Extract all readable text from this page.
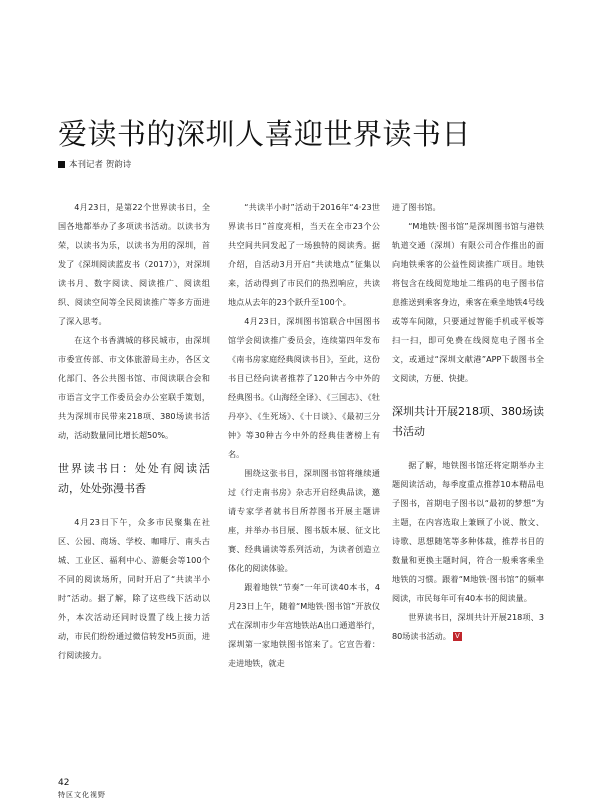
爱读书的深圳人喜迎世界读书日
本刊记者 贺韵诗

4月23日，是第22个世界读书日，全国各地都举办了多项读书活动。以读书为荣，以读书为乐，以读书为用的深圳，首发了《深圳阅读蓝皮书（2017）》，对深圳读书月、数字阅读、阅读推广、阅读组织、阅读空间等全民阅读推广等多方面进了深入思考。

在这个书香满城的移民城市，由深圳市委宣传部、市文体旅游局主办，各区文化部门、各公共图书馆、市阅读联合会和市语言文字工作委员会办公室联手策划，共为深圳市民带来218项、380场读书活动，活动数量同比增长超50%。

世界读书日：处处有阅读活动，处处弥漫书香

4月23日下午，众多市民聚集在社区、公园、商场、学校、咖啡厅、南头古城、工业区、福利中心、游艇会等100个不同的阅读场所，同时开启了“共读半小时”活动。据了解，除了这些线下活动以外，本次活动还同时设置了线上接力活动，市民们纷纷通过微信转发H5页面，进行阅读接力。

“共读半小时”活动于2016年“4·23世界读书日”首度亮相，当天在全市23个公共空间共同发起了一场独特的阅读秀。据介绍，自活动3月开启“共读地点”征集以来，活动得到了市民们的热烈响应，共读地点从去年的23个跃升至100个。

4月23日，深圳图书馆联合中国图书馆学会阅读推广委员会，连续第四年发布《南书房家庭经典阅读书目》，至此，这份书目已经向读者推荐了120种古今中外的经典图书。《山海经全译》、《三国志》、《牡丹亭》、《生死场》、《十日谈》、《最初三分钟》等30种古今中外的经典佳著榜上有名。

围绕这张书目，深圳图书馆将继续通过《行走南书房》杂志开启经典品读，邀请专家学者就书目所荐图书开展主题讲座，并举办书目展、图书版本展、征文比赛、经典诵读等系列活动，为读者创造立体化的阅读体验。

跟着地铁“节奏”一年可读40本书，4月23日上午，随着“M地铁·图书馆”开放仪式在深圳市少年宫地铁站A出口通道举行，深圳第一家地铁图书馆来了。它宣告着：走进地铁，就走

进了图书馆。

“M地铁·图书馆”是深圳图书馆与港铁轨道交通（深圳）有限公司合作推出的面向地铁乘客的公益性阅读推广项目。地铁将包含在线阅览地址二维码的电子图书信息推送到乘客身边，乘客在乘坐地铁4号线或等车间隙，只要通过智能手机或平板等扫一扫，即可免费在线阅览电子图书全文，或通过“深圳文献港”APP下载图书全文阅读，方便、快捷。

深圳共计开展218项、380场读书活动

据了解，地铁图书馆还将定期举办主题阅读活动，每季度重点推荐10本精品电子图书，首期电子图书以“最初的梦想”为主题，在内容选取上兼顾了小说、散文、诗歌、思想随笔等多种体裁，推荐书目的数量和更换主题时间，符合一般乘客乘坐地铁的习惯。跟着“M地铁·图书馆”的频率阅读，市民每年可有40本书的阅读量。

世界读书日，深圳共计开展218项、380场读书活动。 V

42
特区文化视野
